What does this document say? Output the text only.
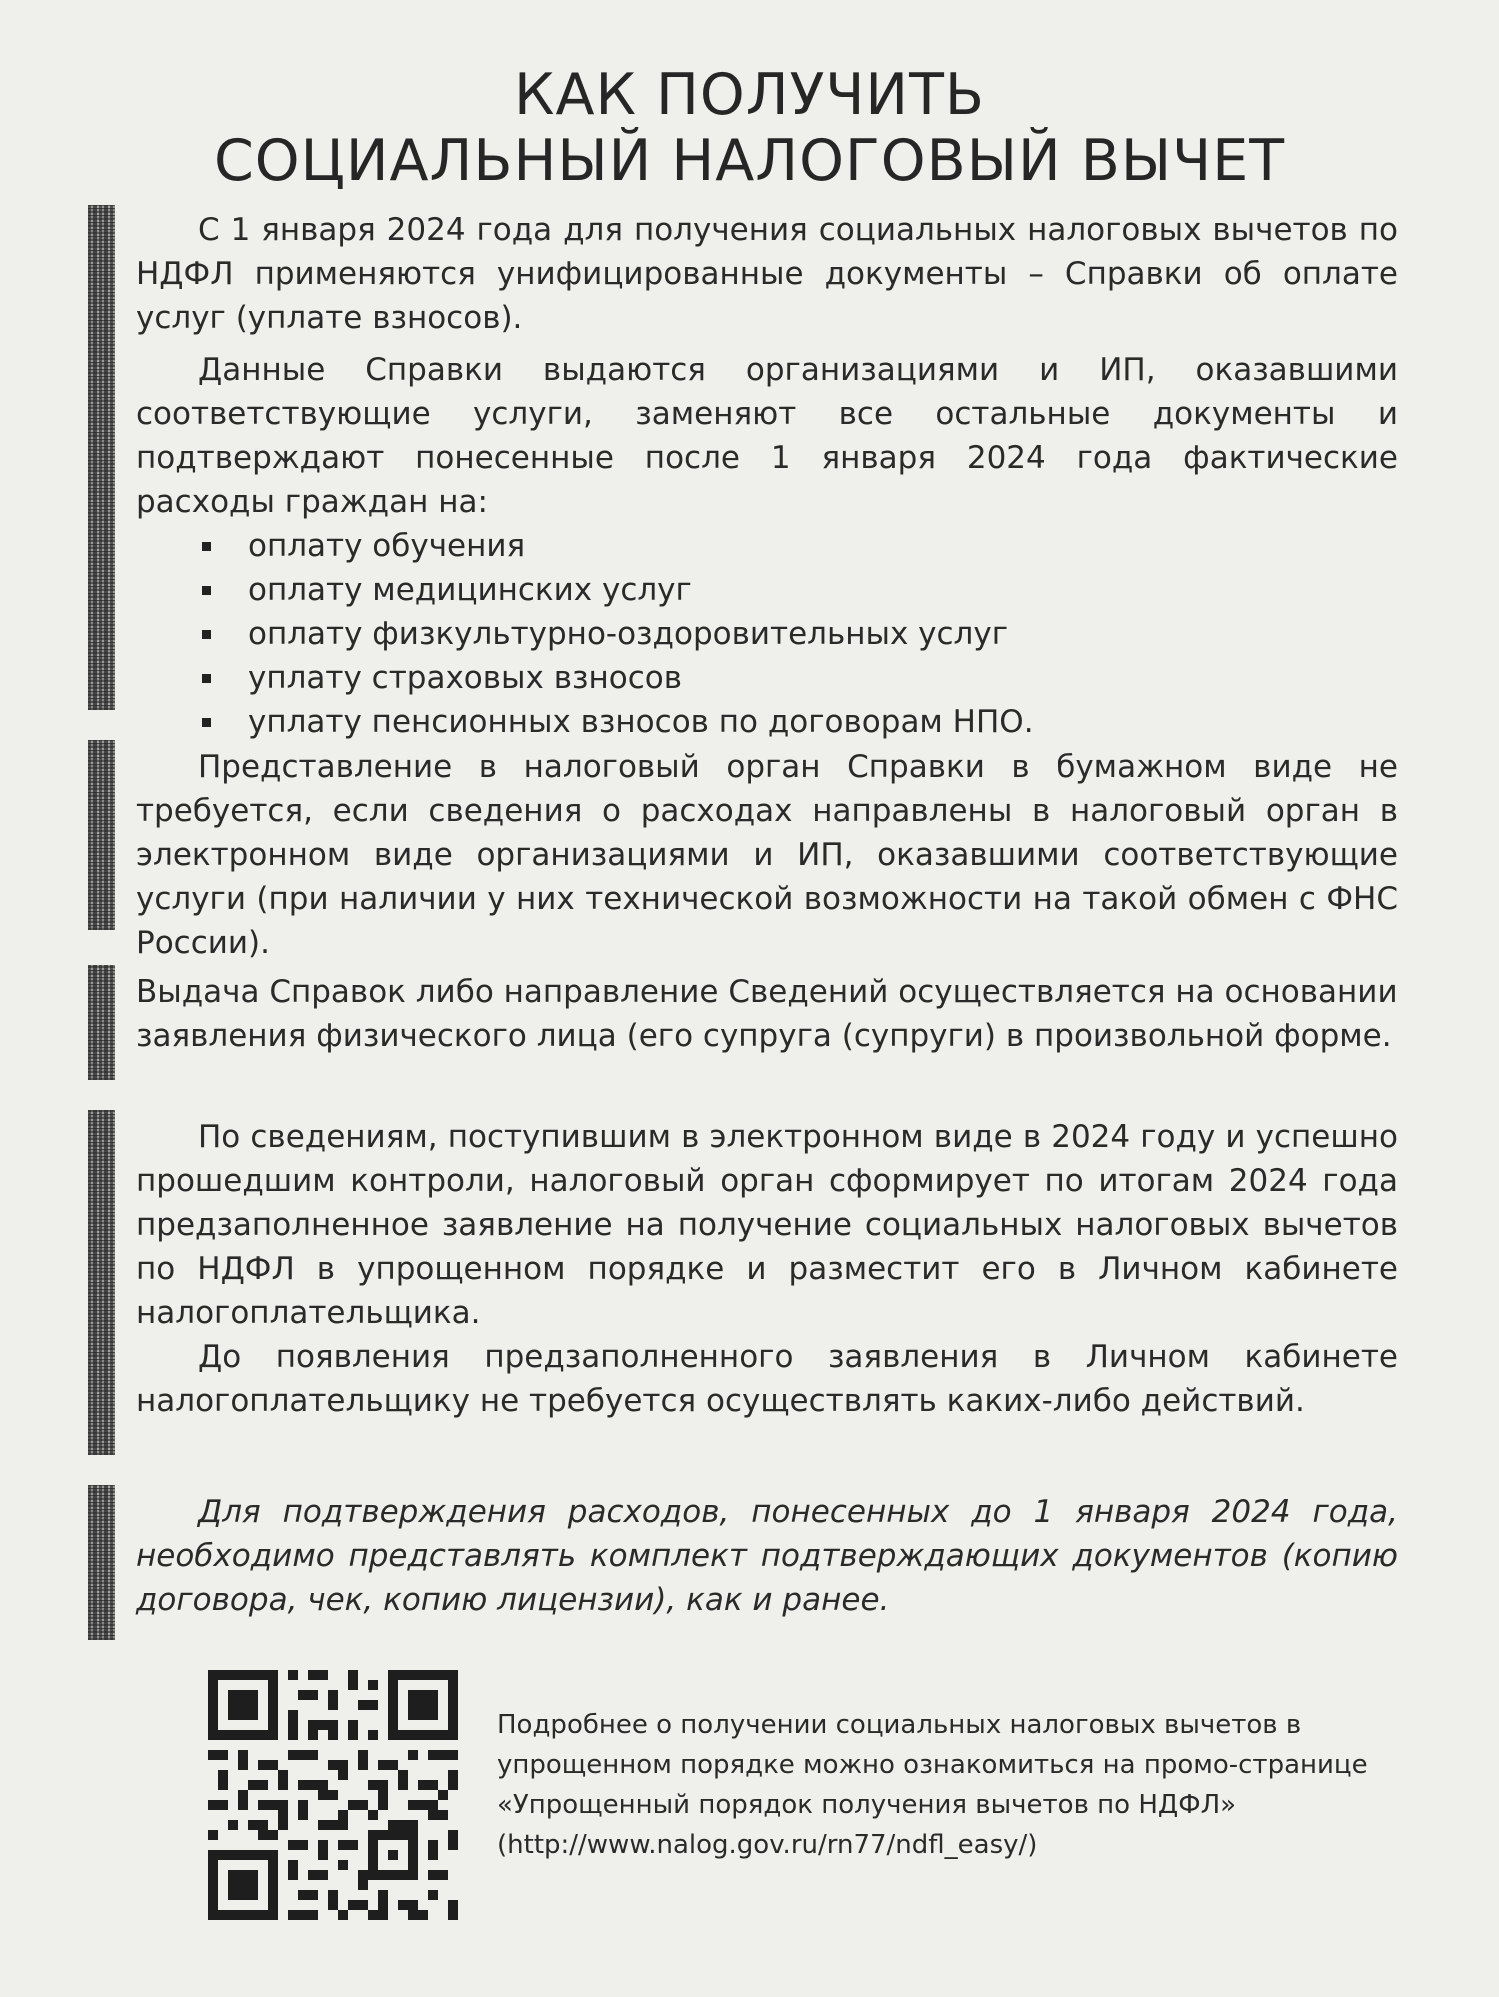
КАК ПОЛУЧИТЬ
СОЦИАЛЬНЫЙ НАЛОГОВЫЙ ВЫЧЕТ

С 1 января 2024 года для получения социальных налоговых вычетов по НДФЛ применяются унифицированные документы – Справки об оплате услуг (уплате взносов).

Данные Справки выдаются организациями и ИП, оказавшими соответствующие услуги, заменяют все остальные документы и подтверждают понесенные после 1 января 2024 года фактические расходы граждан на:

оплату обучения
оплату медицинских услуг
оплату физкультурно-оздоровительных услуг
уплату страховых взносов
уплату пенсионных взносов по договорам НПО.

Представление в налоговый орган Справки в бумажном виде не требуется, если сведения о расходах направлены в налоговый орган в электронном виде организациями и ИП, оказавшими соответствующие услуги (при наличии у них технической возможности на такой обмен с ФНС России).

Выдача Справок либо направление Сведений осуществляется на основании заявления физического лица (его супруга (супруги) в произвольной форме.

По сведениям, поступившим в электронном виде в 2024 году и успешно прошедшим контроли, налоговый орган сформирует по итогам 2024 года предзаполненное заявление на получение социальных налоговых вычетов по НДФЛ в упрощенном порядке и разместит его в Личном кабинете налогоплательщика.

До появления предзаполненного заявления в Личном кабинете налогоплательщику не требуется осуществлять каких-либо действий.

Для подтверждения расходов, понесенных до 1 января 2024 года, необходимо представлять комплект подтверждающих документов (копию договора, чек, копию лицензии), как и ранее.

Подробнее о получении социальных налоговых вычетов в
упрощенном порядке можно ознакомиться на промо-странице
«Упрощенный порядок получения вычетов по НДФЛ»
(http://www.nalog.gov.ru/rn77/ndfl_easy/)
